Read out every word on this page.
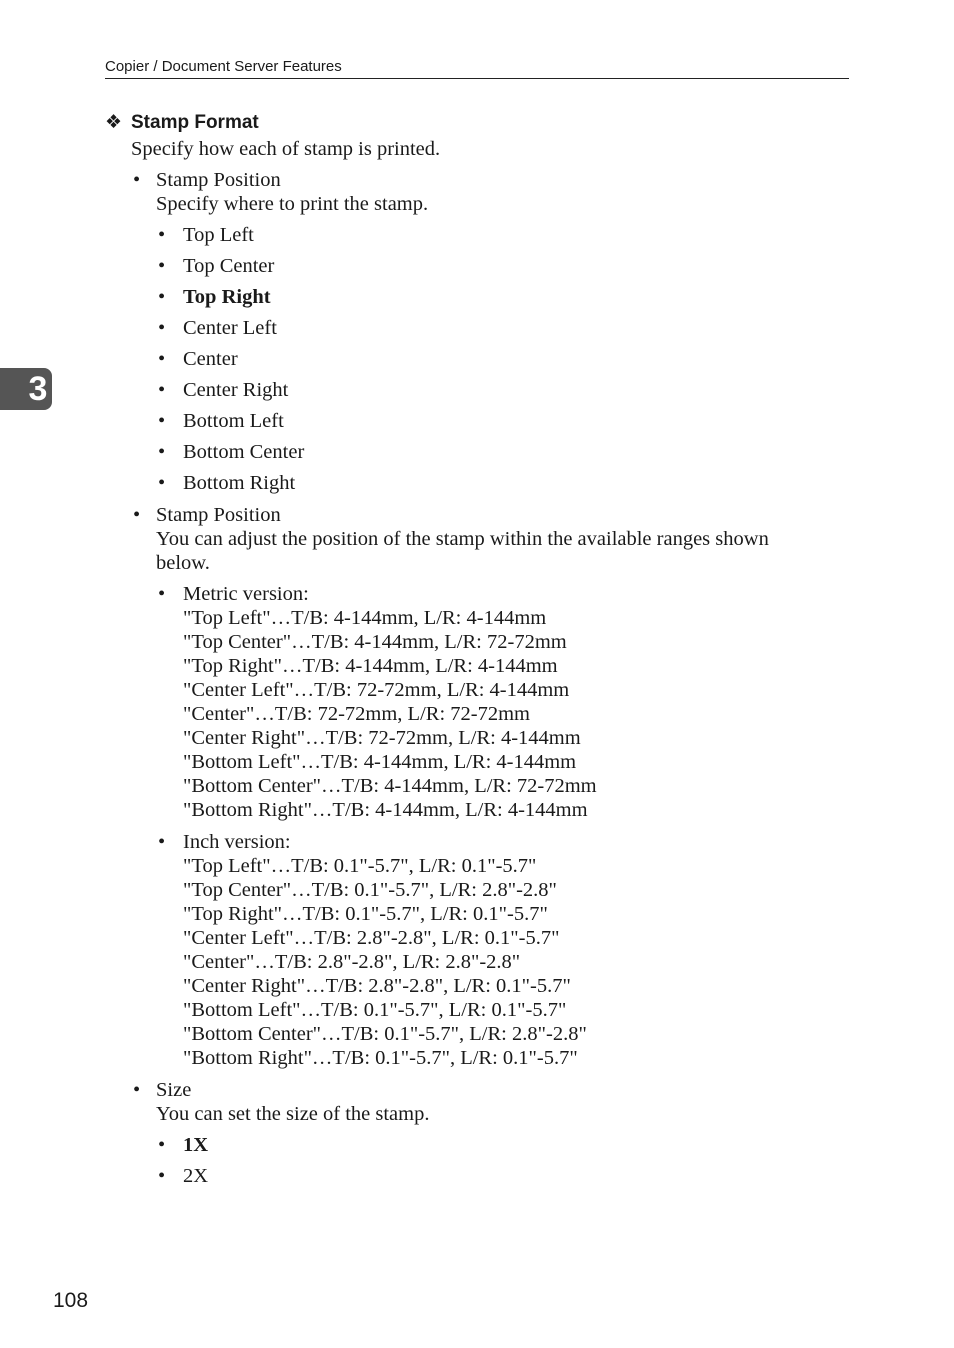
Copier / Document Server Features
3
❖ Stamp Format
Specify how each of stamp is printed.
• Stamp Position
Specify where to print the stamp.
• Top Left
• Top Center
• Top Right
• Center Left
• Center
• Center Right
• Bottom Left
• Bottom Center
• Bottom Right
• Stamp Position
You can adjust the position of the stamp within the available ranges shown
below.
• Metric version:
"Top Left"…T/B: 4-144mm, L/R: 4-144mm
"Top Center"…T/B: 4-144mm, L/R: 72-72mm
"Top Right"…T/B: 4-144mm, L/R: 4-144mm
"Center Left"…T/B: 72-72mm, L/R: 4-144mm
"Center"…T/B: 72-72mm, L/R: 72-72mm
"Center Right"…T/B: 72-72mm, L/R: 4-144mm
"Bottom Left"…T/B: 4-144mm, L/R: 4-144mm
"Bottom Center"…T/B: 4-144mm, L/R: 72-72mm
"Bottom Right"…T/B: 4-144mm, L/R: 4-144mm
• Inch version:
"Top Left"…T/B: 0.1"-5.7", L/R: 0.1"-5.7"
"Top Center"…T/B: 0.1"-5.7", L/R: 2.8"-2.8"
"Top Right"…T/B: 0.1"-5.7", L/R: 0.1"-5.7"
"Center Left"…T/B: 2.8"-2.8", L/R: 0.1"-5.7"
"Center"…T/B: 2.8"-2.8", L/R: 2.8"-2.8"
"Center Right"…T/B: 2.8"-2.8", L/R: 0.1"-5.7"
"Bottom Left"…T/B: 0.1"-5.7", L/R: 0.1"-5.7"
"Bottom Center"…T/B: 0.1"-5.7", L/R: 2.8"-2.8"
"Bottom Right"…T/B: 0.1"-5.7", L/R: 0.1"-5.7"
• Size
You can set the size of the stamp.
• 1X
• 2X
108
